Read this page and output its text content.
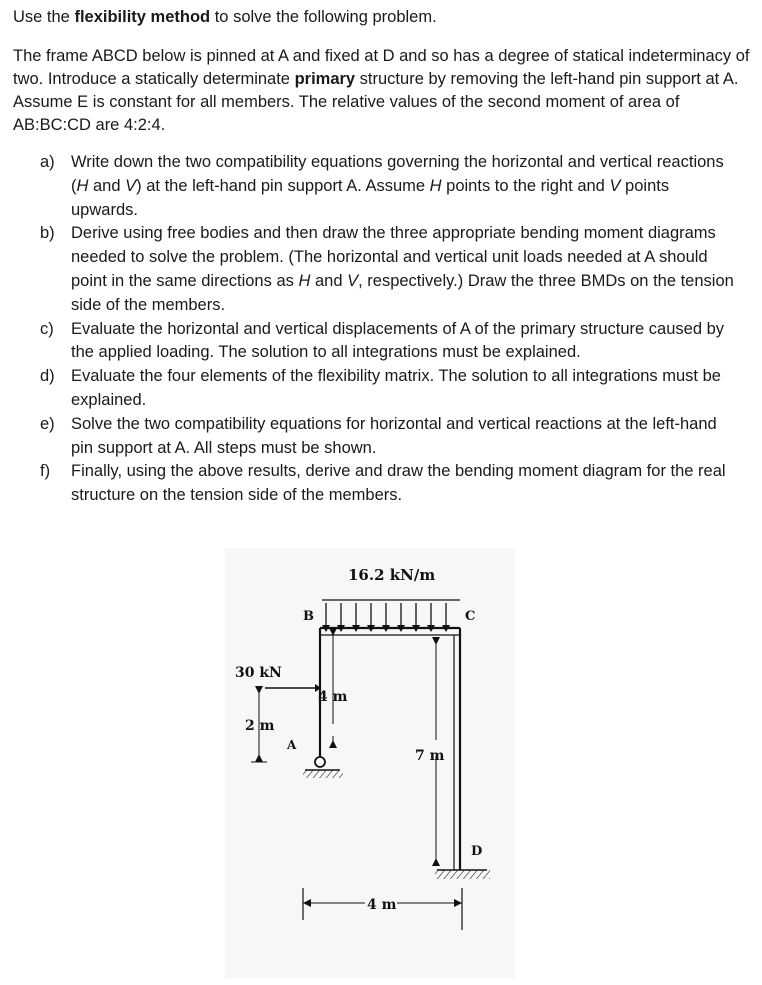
Use the flexibility method to solve the following problem.

The frame ABCD below is pinned at A and fixed at D and so has a degree of statical indeterminacy of two. Introduce a statically determinate primary structure by removing the left-hand pin support at A. Assume E is constant for all members. The relative values of the second moment of area of AB:BC:CD are 4:2:4.

a) Write down the two compatibility equations governing the horizontal and vertical reactions (H and V) at the left-hand pin support A. Assume H points to the right and V points upwards.
b) Derive using free bodies and then draw the three appropriate bending moment diagrams needed to solve the problem. (The horizontal and vertical unit loads needed at A should point in the same directions as H and V, respectively.) Draw the three BMDs on the tension side of the members.
c) Evaluate the horizontal and vertical displacements of A of the primary structure caused by the applied loading. The solution to all integrations must be explained.
d) Evaluate the four elements of the flexibility matrix. The solution to all integrations must be explained.
e) Solve the two compatibility equations for horizontal and vertical reactions at the left-hand pin support at A. All steps must be shown.
f) Finally, using the above results, derive and draw the bending moment diagram for the real structure on the tension side of the members.
16.2 kN/m
B	C
30 kN
4 m
2 m
A
7 m
D
4 m
